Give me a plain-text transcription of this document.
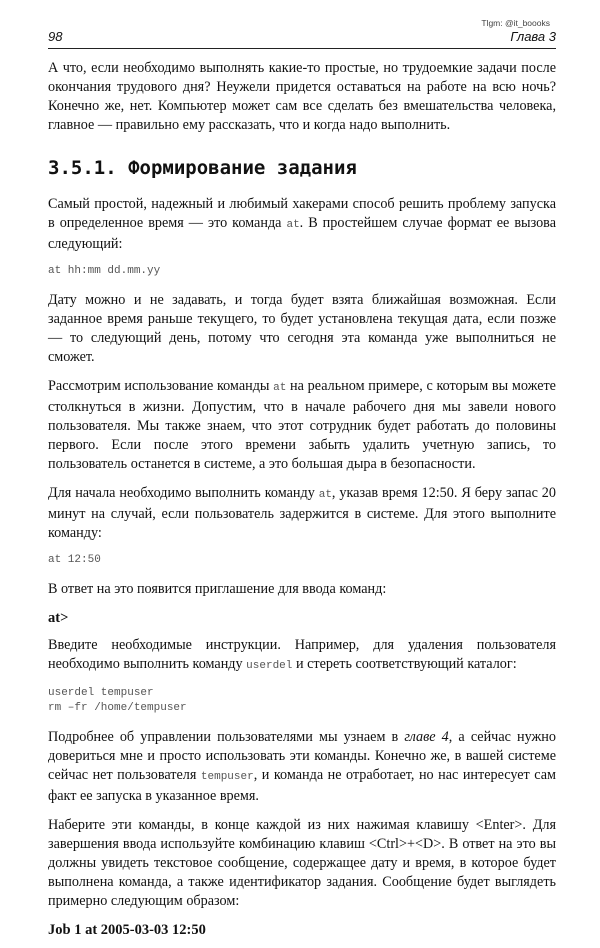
Tlgm: @it_boooks
98	Глава 3

А что, если необходимо выполнять какие-то простые, но трудоемкие задачи после окончания трудового дня? Неужели придется оставаться на работе на всю ночь? Конечно же, нет. Компьютер может сам все сделать без вмешательства человека, главное — правильно ему рассказать, что и когда надо выполнить.

3.5.1. Формирование задания

Самый простой, надежный и любимый хакерами способ решить проблему запуска в определенное время — это команда at. В простейшем случае формат ее вызова следующий:

at hh:mm dd.mm.yy

Дату можно и не задавать, и тогда будет взята ближайшая возможная. Если заданное время раньше текущего, то будет установлена текущая дата, если позже — то следующий день, потому что сегодня эта команда уже выполниться не сможет.

Рассмотрим использование команды at на реальном примере, с которым вы можете столкнуться в жизни. Допустим, что в начале рабочего дня мы завели нового пользователя. Мы также знаем, что этот сотрудник будет работать до половины первого. Если после этого времени забыть удалить учетную запись, то пользователь останется в системе, а это большая дыра в безопасности.

Для начала необходимо выполнить команду at, указав время 12:50. Я беру запас 20 минут на случай, если пользователь задержится в системе. Для этого выполните команду:

at 12:50

В ответ на это появится приглашение для ввода команд:

at>

Введите необходимые инструкции. Например, для удаления пользователя необходимо выполнить команду userdel и стереть соответствующий каталог:

userdel tempuser
rm –fr /home/tempuser

Подробнее об управлении пользователями мы узнаем в главе 4, а сейчас нужно довериться мне и просто использовать эти команды. Конечно же, в вашей системе сейчас нет пользователя tempuser, и команда не отработает, но нас интересует сам факт ее запуска в указанное время.

Наберите эти команды, в конце каждой из них нажимая клавишу <Enter>. Для завершения ввода используйте комбинацию клавиш <Ctrl>+<D>. В ответ на это вы должны увидеть текстовое сообщение, содержащее дату и время, в которое будет выполнена команда, а также идентификатор задания. Сообщение будет выглядеть примерно следующим образом:

Job 1 at 2005-03-03 12:50
